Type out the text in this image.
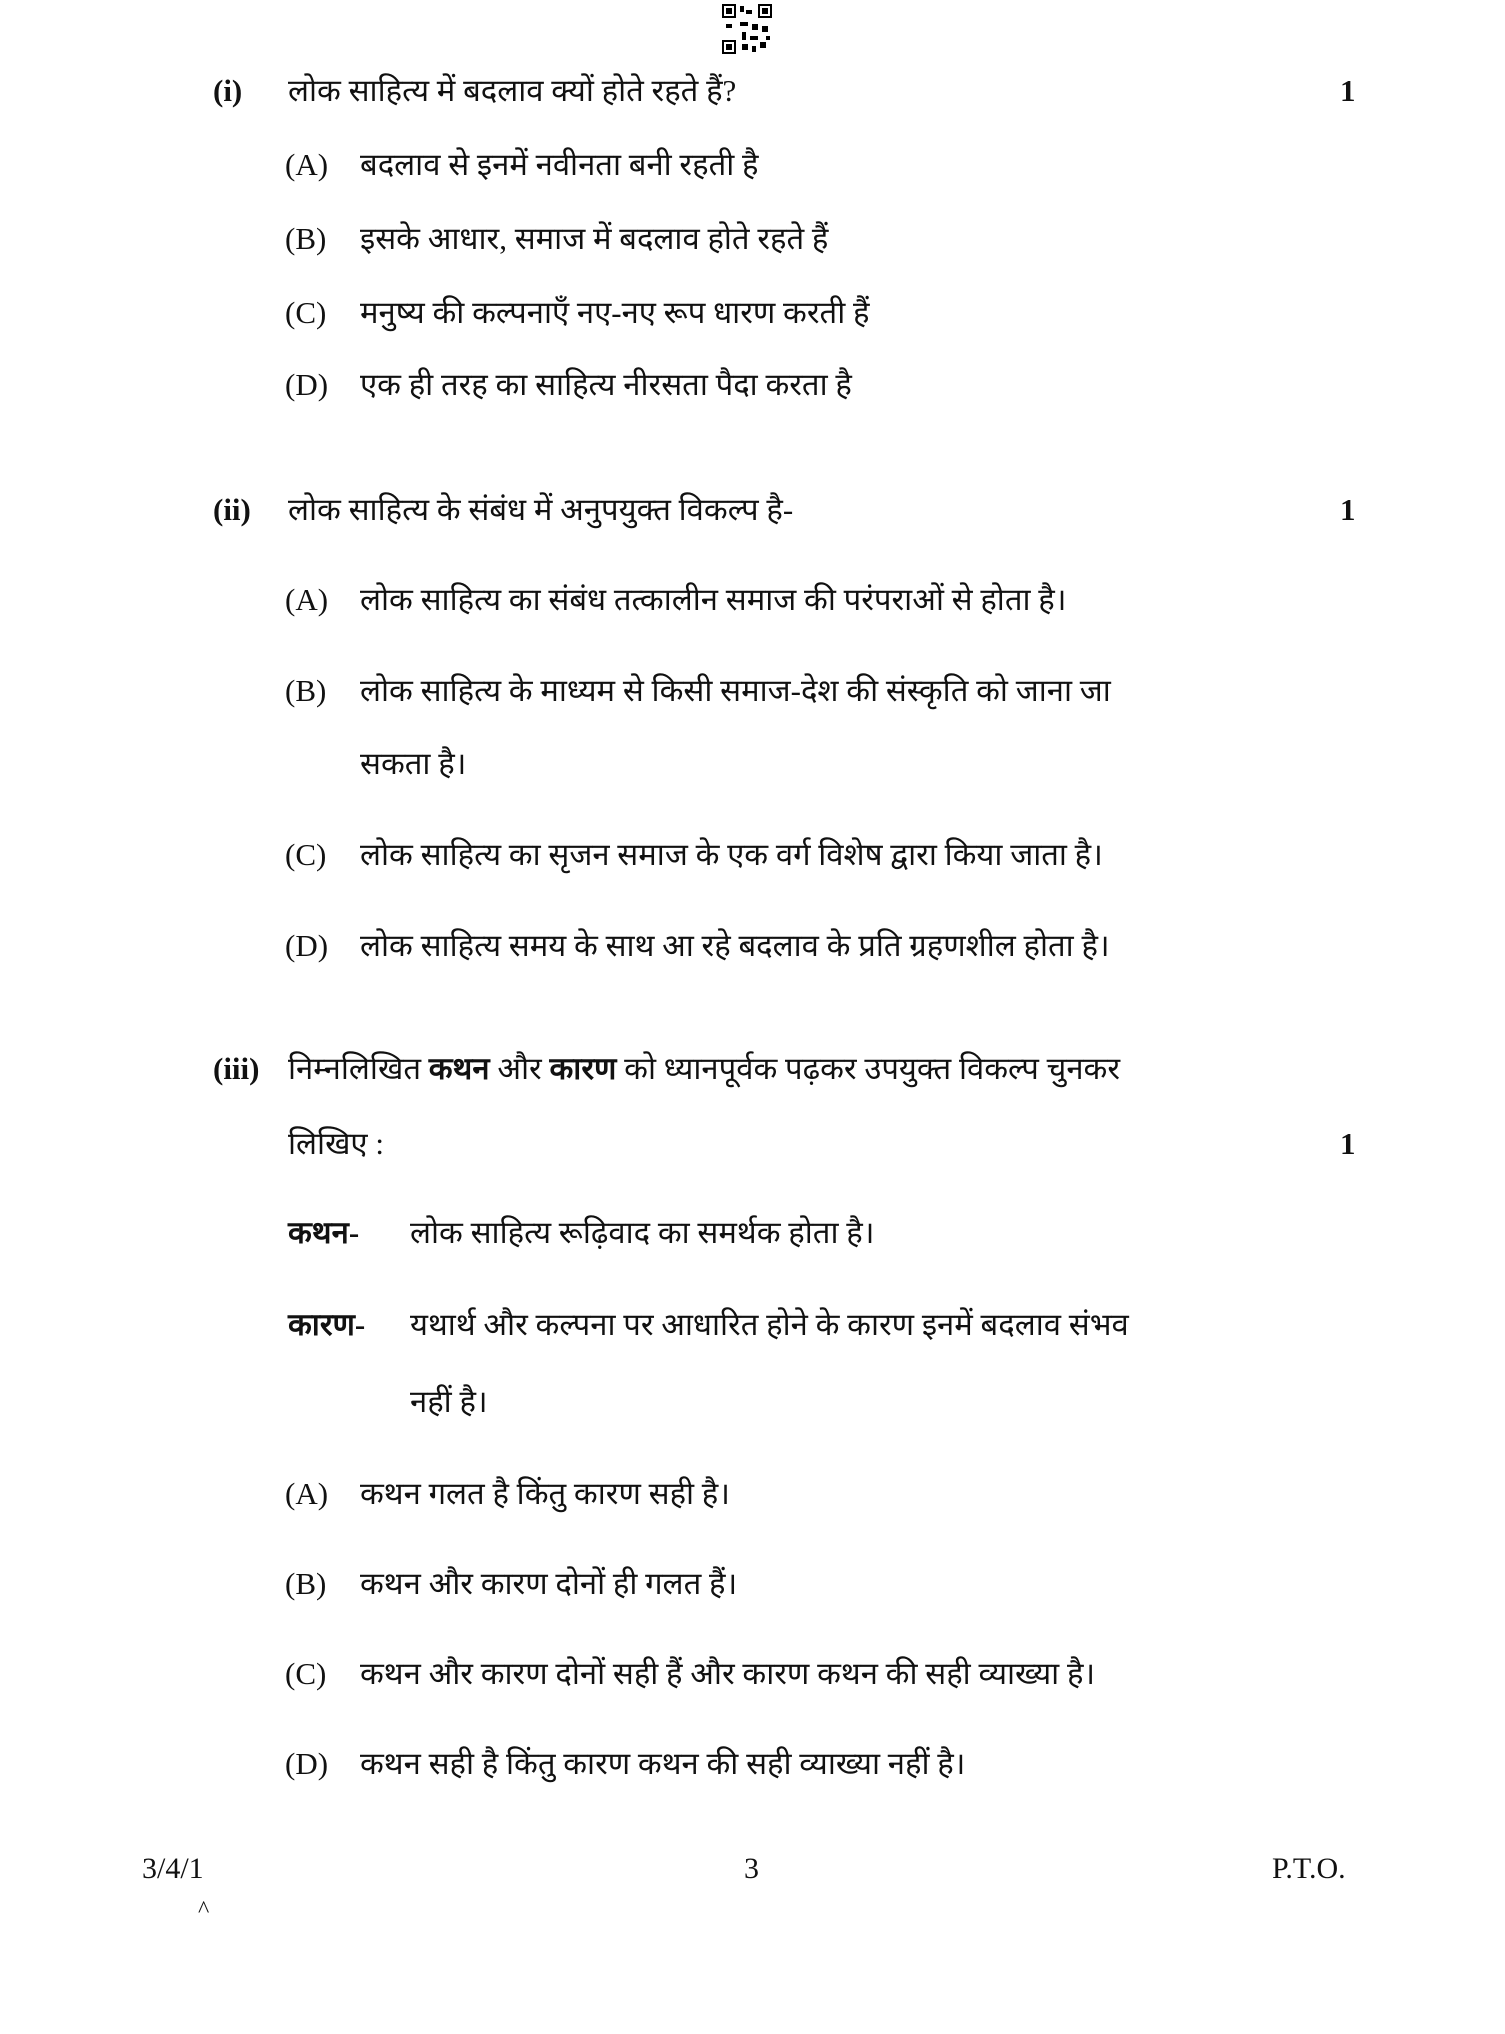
(i) लोक साहित्य में बदलाव क्यों होते रहते हैं?	1
(A) बदलाव से इनमें नवीनता बनी रहती है
(B) इसके आधार, समाज में बदलाव होते रहते हैं
(C) मनुष्य की कल्पनाएँ नए-नए रूप धारण करती हैं
(D) एक ही तरह का साहित्य नीरसता पैदा करता है
(ii) लोक साहित्य के संबंध में अनुपयुक्त विकल्प है-	1
(A) लोक साहित्य का संबंध तत्कालीन समाज की परंपराओं से होता है।
(B) लोक साहित्य के माध्यम से किसी समाज-देश की संस्कृति को जाना जा
सकता है।
(C) लोक साहित्य का सृजन समाज के एक वर्ग विशेष द्वारा किया जाता है।
(D) लोक साहित्य समय के साथ आ रहे बदलाव के प्रति ग्रहणशील होता है।
(iii) निम्नलिखित कथन और कारण को ध्यानपूर्वक पढ़कर उपयुक्त विकल्प चुनकर
लिखिए :	1
कथन- लोक साहित्य रूढ़िवाद का समर्थक होता है।
कारण- यथार्थ और कल्पना पर आधारित होने के कारण इनमें बदलाव संभव
नहीं है।
(A) कथन गलत है किंतु कारण सही है।
(B) कथन और कारण दोनों ही गलत हैं।
(C) कथन और कारण दोनों सही हैं और कारण कथन की सही व्याख्या है।
(D) कथन सही है किंतु कारण कथन की सही व्याख्या नहीं है।
3/4/1	3	P.T.O.
^
